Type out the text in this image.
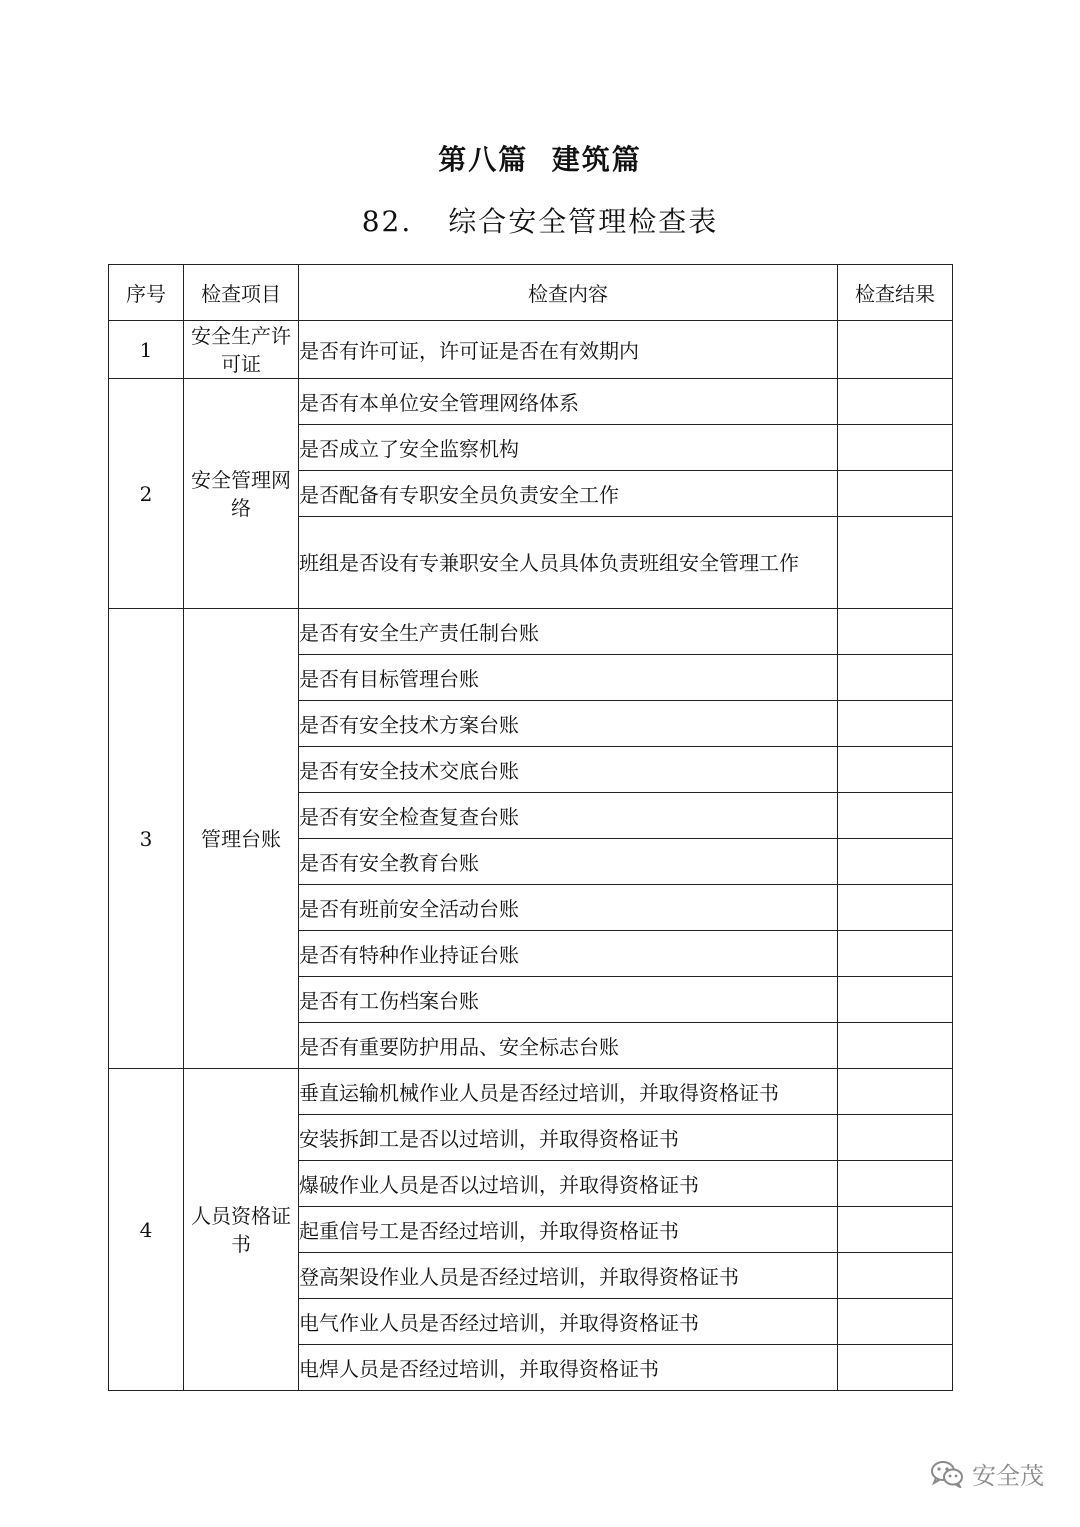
第八篇  建筑篇
82. 综合安全管理检查表
序号	检查项目	检查内容	检查结果
1	安全生产许可证	是否有许可证，许可证是否在有效期内	
2	安全管理网络	是否有本单位安全管理网络体系	
		是否成立了安全监察机构	
		是否配备有专职安全员负责安全工作	
		班组是否设有专兼职安全人员具体负责班组安全管理工作	
3	管理台账	是否有安全生产责任制台账	
		是否有目标管理台账	
		是否有安全技术方案台账	
		是否有安全技术交底台账	
		是否有安全检查复查台账	
		是否有安全教育台账	
		是否有班前安全活动台账	
		是否有特种作业持证台账	
		是否有工伤档案台账	
		是否有重要防护用品、安全标志台账	
4	人员资格证书	垂直运输机械作业人员是否经过培训，并取得资格证书	
		安装拆卸工是否以过培训，并取得资格证书	
		爆破作业人员是否以过培训，并取得资格证书	
		起重信号工是否经过培训，并取得资格证书	
		登高架设作业人员是否经过培训，并取得资格证书	
		电气作业人员是否经过培训，并取得资格证书	
		电焊人员是否经过培训，并取得资格证书	
安全茂
